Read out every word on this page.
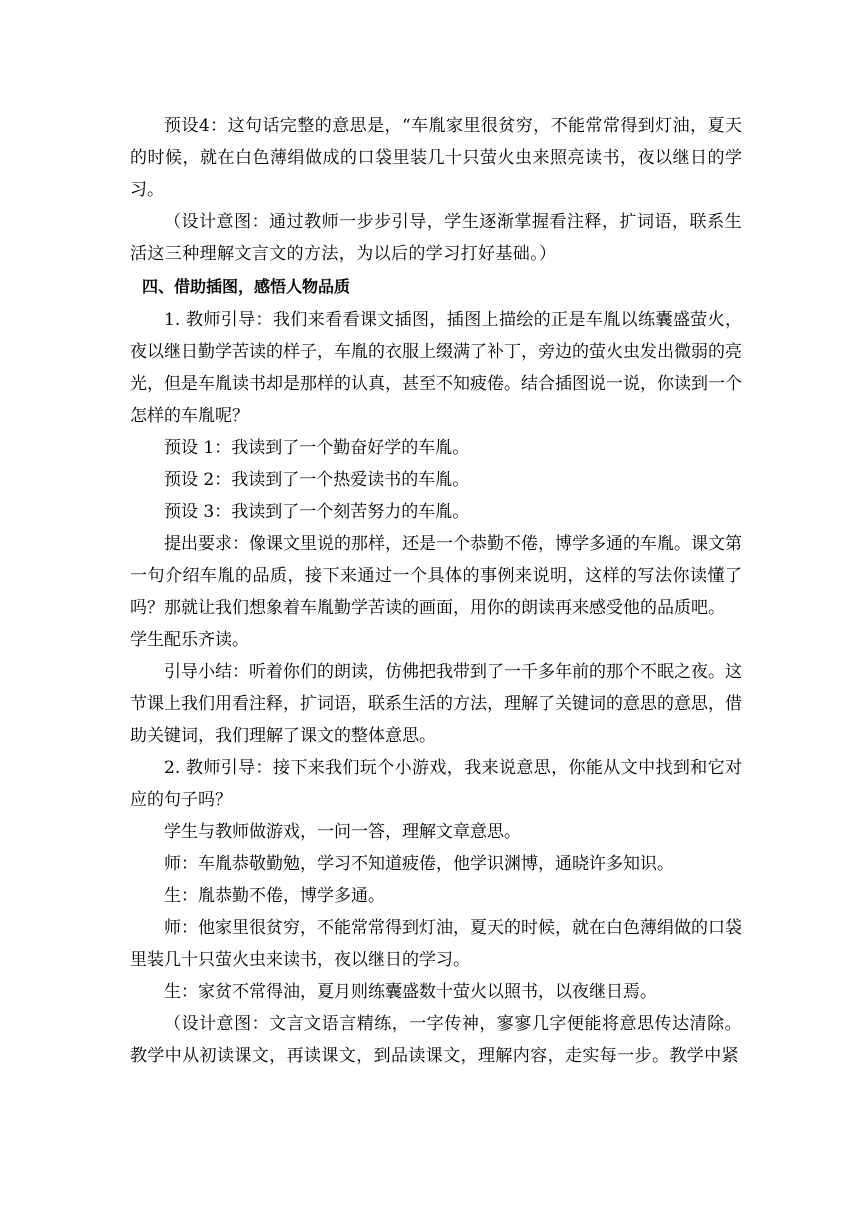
预设4：这句话完整的意思是，“车胤家里很贫穷，不能常常得到灯油，夏天的时候，就在白色薄绢做成的口袋里装几十只萤火虫来照亮读书，夜以继日的学习。

（设计意图：通过教师一步步引导，学生逐渐掌握看注释，扩词语，联系生活这三种理解文言文的方法，为以后的学习打好基础。）

四、借助插图，感悟人物品质

1. 教师引导：我们来看看课文插图，插图上描绘的正是车胤以练囊盛萤火，夜以继日勤学苦读的样子，车胤的衣服上缀满了补丁，旁边的萤火虫发出微弱的亮光，但是车胤读书却是那样的认真，甚至不知疲倦。结合插图说一说，你读到一个怎样的车胤呢？

预设 1：我读到了一个勤奋好学的车胤。

预设 2：我读到了一个热爱读书的车胤。

预设 3：我读到了一个刻苦努力的车胤。

提出要求：像课文里说的那样，还是一个恭勤不倦，博学多通的车胤。课文第一句介绍车胤的品质，接下来通过一个具体的事例来说明，这样的写法你读懂了吗？那就让我们想象着车胤勤学苦读的画面，用你的朗读再来感受他的品质吧。

学生配乐齐读。

引导小结：听着你们的朗读，仿佛把我带到了一千多年前的那个不眠之夜。这节课上我们用看注释，扩词语，联系生活的方法，理解了关键词的意思的意思，借助关键词，我们理解了课文的整体意思。

2. 教师引导：接下来我们玩个小游戏，我来说意思，你能从文中找到和它对应的句子吗？

学生与教师做游戏，一问一答，理解文章意思。

师：车胤恭敬勤勉，学习不知道疲倦，他学识渊博，通晓许多知识。

生：胤恭勤不倦，博学多通。

师：他家里很贫穷，不能常常得到灯油，夏天的时候，就在白色薄绢做的口袋里装几十只萤火虫来读书，夜以继日的学习。

生：家贫不常得油，夏月则练囊盛数十萤火以照书，以夜继日焉。

（设计意图：文言文语言精练，一字传神，寥寥几字便能将意思传达清除。教学中从初读课文，再读课文，到品读课文，理解内容，走实每一步。教学中紧
